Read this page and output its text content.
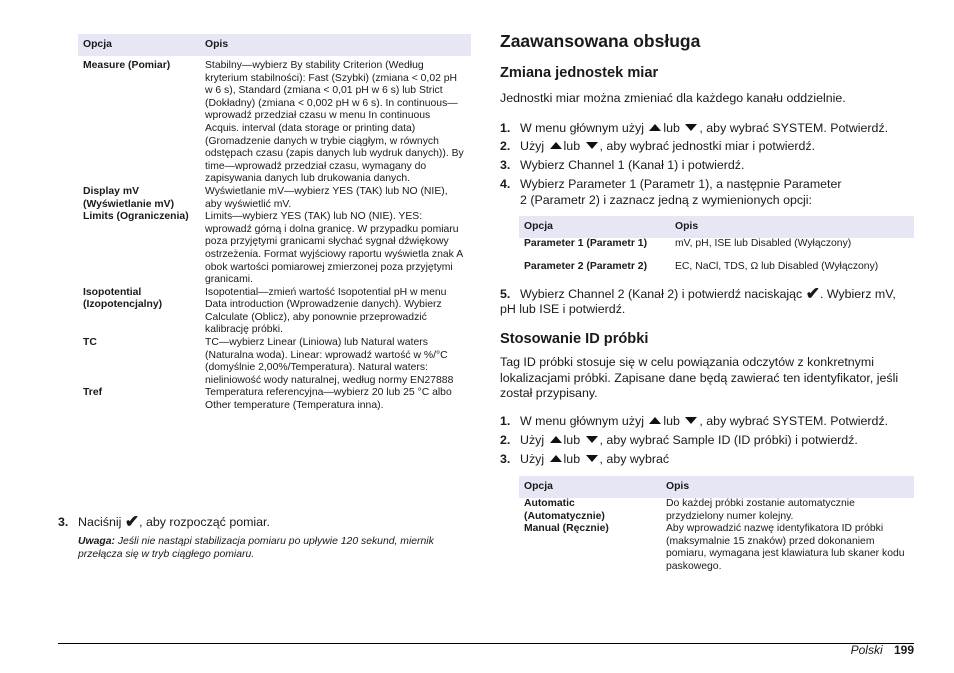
Opcja	Opis
Measure (Pomiar)	Stabilny—wybierz By stability Criterion (Według kryterium stabilności): Fast (Szybki) (zmiana < 0,02 pH w 6 s), Standard (zmiana < 0,01 pH w 6 s) lub Strict (Dokładny) (zmiana < 0,002 pH w 6 s). In continuous—wprowadź przedział czasu w menu In continuous Acquis. interval (data storage or printing data) (Gromadzenie danych w trybie ciągłym, w równych odstępach czasu (zapis danych lub wydruk danych)). By time—wprowadź przedział czasu, wymagany do zapisywania danych lub drukowania danych.
Display mV (Wyświetlanie mV)	Wyświetlanie mV—wybierz YES (TAK) lub NO (NIE), aby wyświetlić mV.
Limits (Ograniczenia)	Limits—wybierz YES (TAK) lub NO (NIE). YES: wprowadź górną i dolna granicę. W przypadku pomiaru poza przyjętymi granicami słychać sygnał dźwiękowy ostrzeżenia. Format wyjściowy raportu wyświetla znak A obok wartości pomiarowej zmierzonej poza przyjętymi granicami.
Isopotential (Izopotencjalny)	Isopotential—zmień wartość Isopotential pH w menu Data introduction (Wprowadzenie danych). Wybierz Calculate (Oblicz), aby ponownie przeprowadzić kalibrację próbki.
TC	TC—wybierz Linear (Liniowa) lub Natural waters (Naturalna woda). Linear: wprowadź wartość w %/°C (domyślnie 2,00%/Temperatura). Natural waters: nieliniowość wody naturalnej, według normy EN27888
Tref	Temperatura referencyjna—wybierz 20 lub 25 °C albo Other temperature (Temperatura inna).
3. Naciśnij ✔, aby rozpocząć pomiar.
Uwaga: Jeśli nie nastąpi stabilizacja pomiaru po upływie 120 sekund, miernik przełącza się w tryb ciągłego pomiaru.
Zaawansowana obsługa
Zmiana jednostek miar

Jednostki miar można zmieniać dla każdego kanału oddzielnie.

1. W menu głównym użyj lub , aby wybrać SYSTEM. Potwierdź.
2. Użyj lub , aby wybrać jednostki miar i potwierdź.
3. Wybierz Channel 1 (Kanał 1) i potwierdź.
4. Wybierz Parameter 1 (Parametr 1), a następnie Parameter
2 (Parametr 2) i zaznacz jedną z wymienionych opcji:
Opcja	Opis
Parameter 1 (Parametr 1)	mV, pH, ISE lub Disabled (Wyłączony)
Parameter 2 (Parametr 2)	EC, NaCl, TDS, Ω lub Disabled (Wyłączony)
5. Wybierz Channel 2 (Kanał 2) i potwierdź naciskając ✔. Wybierz mV,
pH lub ISE i potwierdź.
Stosowanie ID próbki

Tag ID próbki stosuje się w celu powiązania odczytów z konkretnymi
lokalizacjami próbki. Zapisane dane będą zawierać ten identyfikator, jeśli
został przypisany.

1. W menu głównym użyj lub , aby wybrać SYSTEM. Potwierdź.
2. Użyj lub , aby wybrać Sample ID (ID próbki) i potwierdź.
3. Użyj lub , aby wybrać
Opcja	Opis
Automatic (Automatycznie)	Do każdej próbki zostanie automatycznie przydzielony numer kolejny.
Manual (Ręcznie)	Aby wprowadzić nazwę identyfikatora ID próbki (maksymalnie 15 znaków) przed dokonaniem pomiaru, wymagana jest klawiatura lub skaner kodu paskowego.
Polski 199
